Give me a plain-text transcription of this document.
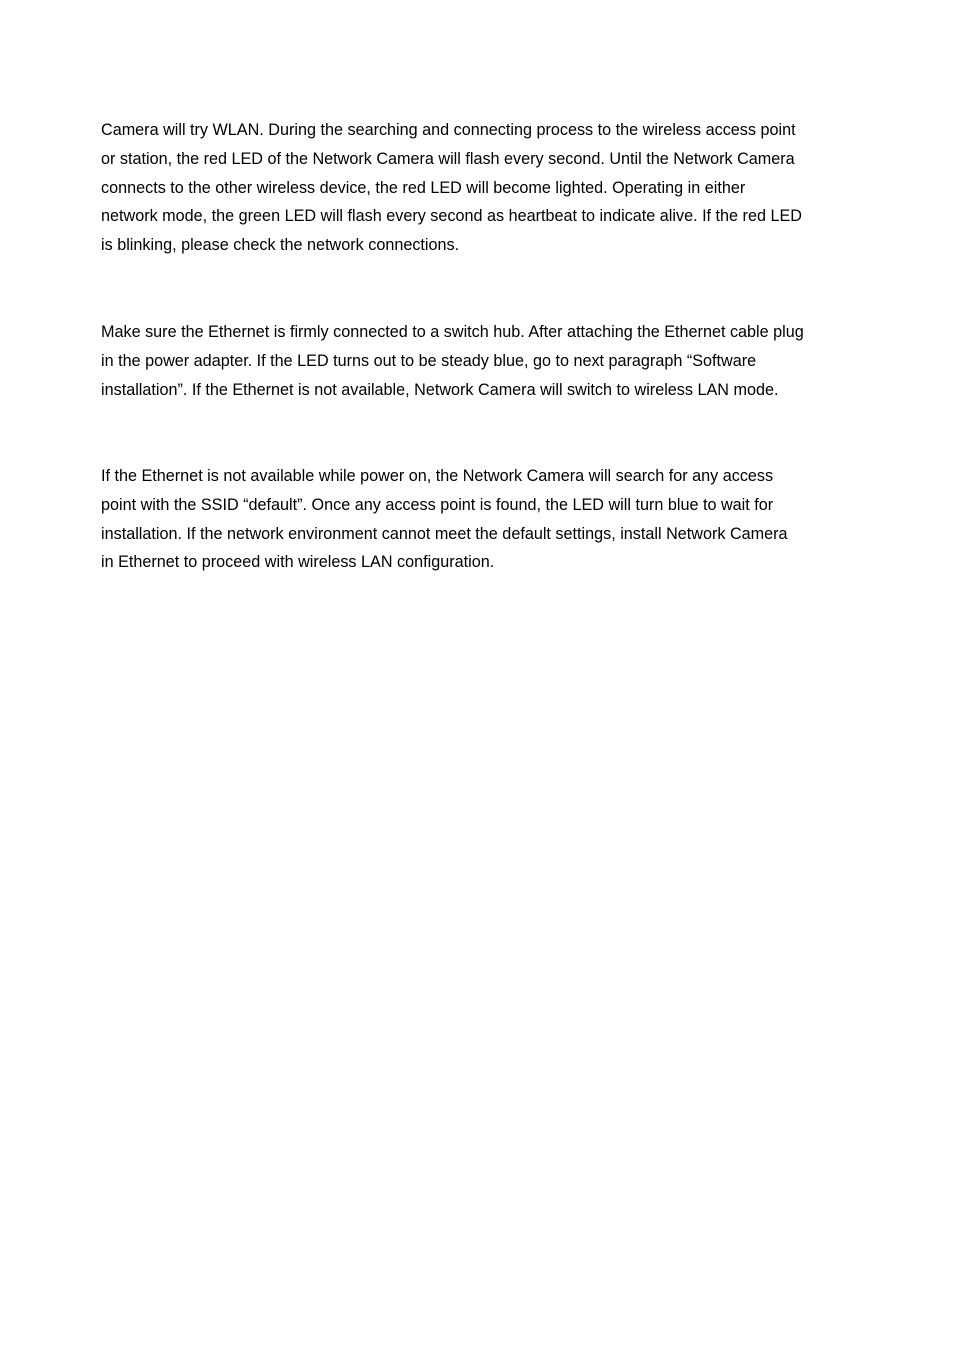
Camera will try WLAN. During the searching and connecting process to the wireless access point
or station, the red LED of the Network Camera will flash every second. Until the Network Camera
connects to the other wireless device, the red LED will become lighted. Operating in either
network mode, the green LED will flash every second as heartbeat to indicate alive. If the red LED
is blinking, please check the network connections.

Make sure the Ethernet is firmly connected to a switch hub. After attaching the Ethernet cable plug
in the power adapter. If the LED turns out to be steady blue, go to next paragraph “Software
installation”. If the Ethernet is not available, Network Camera will switch to wireless LAN mode.

If the Ethernet is not available while power on, the Network Camera will search for any access
point with the SSID “default”. Once any access point is found, the LED will turn blue to wait for
installation. If the network environment cannot meet the default settings, install Network Camera
in Ethernet to proceed with wireless LAN configuration.
